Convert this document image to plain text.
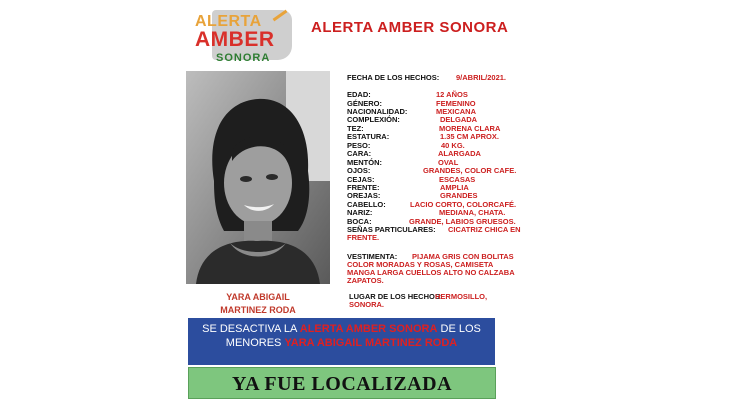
ALERTA
AMBER
SONORA
ALERTA AMBER SONORA
YARA ABIGAIL
MARTINEZ RODA
FECHA DE LOS HECHOS: 9/ABRIL/2021.
EDAD:	12 AÑOS
GÉNERO:	FEMENINO
NACIONALIDAD:	MEXICANA
COMPLEXIÓN:	DELGADA
TEZ:	MORENA CLARA
ESTATURA:	1.35 CM APROX.
PESO:	40 KG.
CARA:	ALARGADA
MENTÓN:	OVAL
OJOS:	GRANDES, COLOR CAFE.
CEJAS:	ESCASAS
FRENTE:	AMPLIA
OREJAS:	GRANDES
CABELLO:	LACIO CORTO, COLORCAFÉ.
NARIZ:	MEDIANA, CHATA.
BOCA:	GRANDE, LABIOS GRUESOS.
SEÑAS PARTICULARES: CICATRIZ CHICA EN
FRENTE.
VESTIMENTA: PIJAMA GRIS CON BOLITAS
COLOR MORADAS Y ROSAS, CAMISETA
MANGA LARGA CUELLOS ALTO NO CALZABA
ZAPATOS.
LUGAR DE LOS HECHOS:
HERMOSILLO,
SONORA.
SE DESACTIVA LA ALERTA AMBER SONORA DE LOS
MENORES YARA ABIGAIL MARTINEZ RODA
YA FUE LOCALIZADA
